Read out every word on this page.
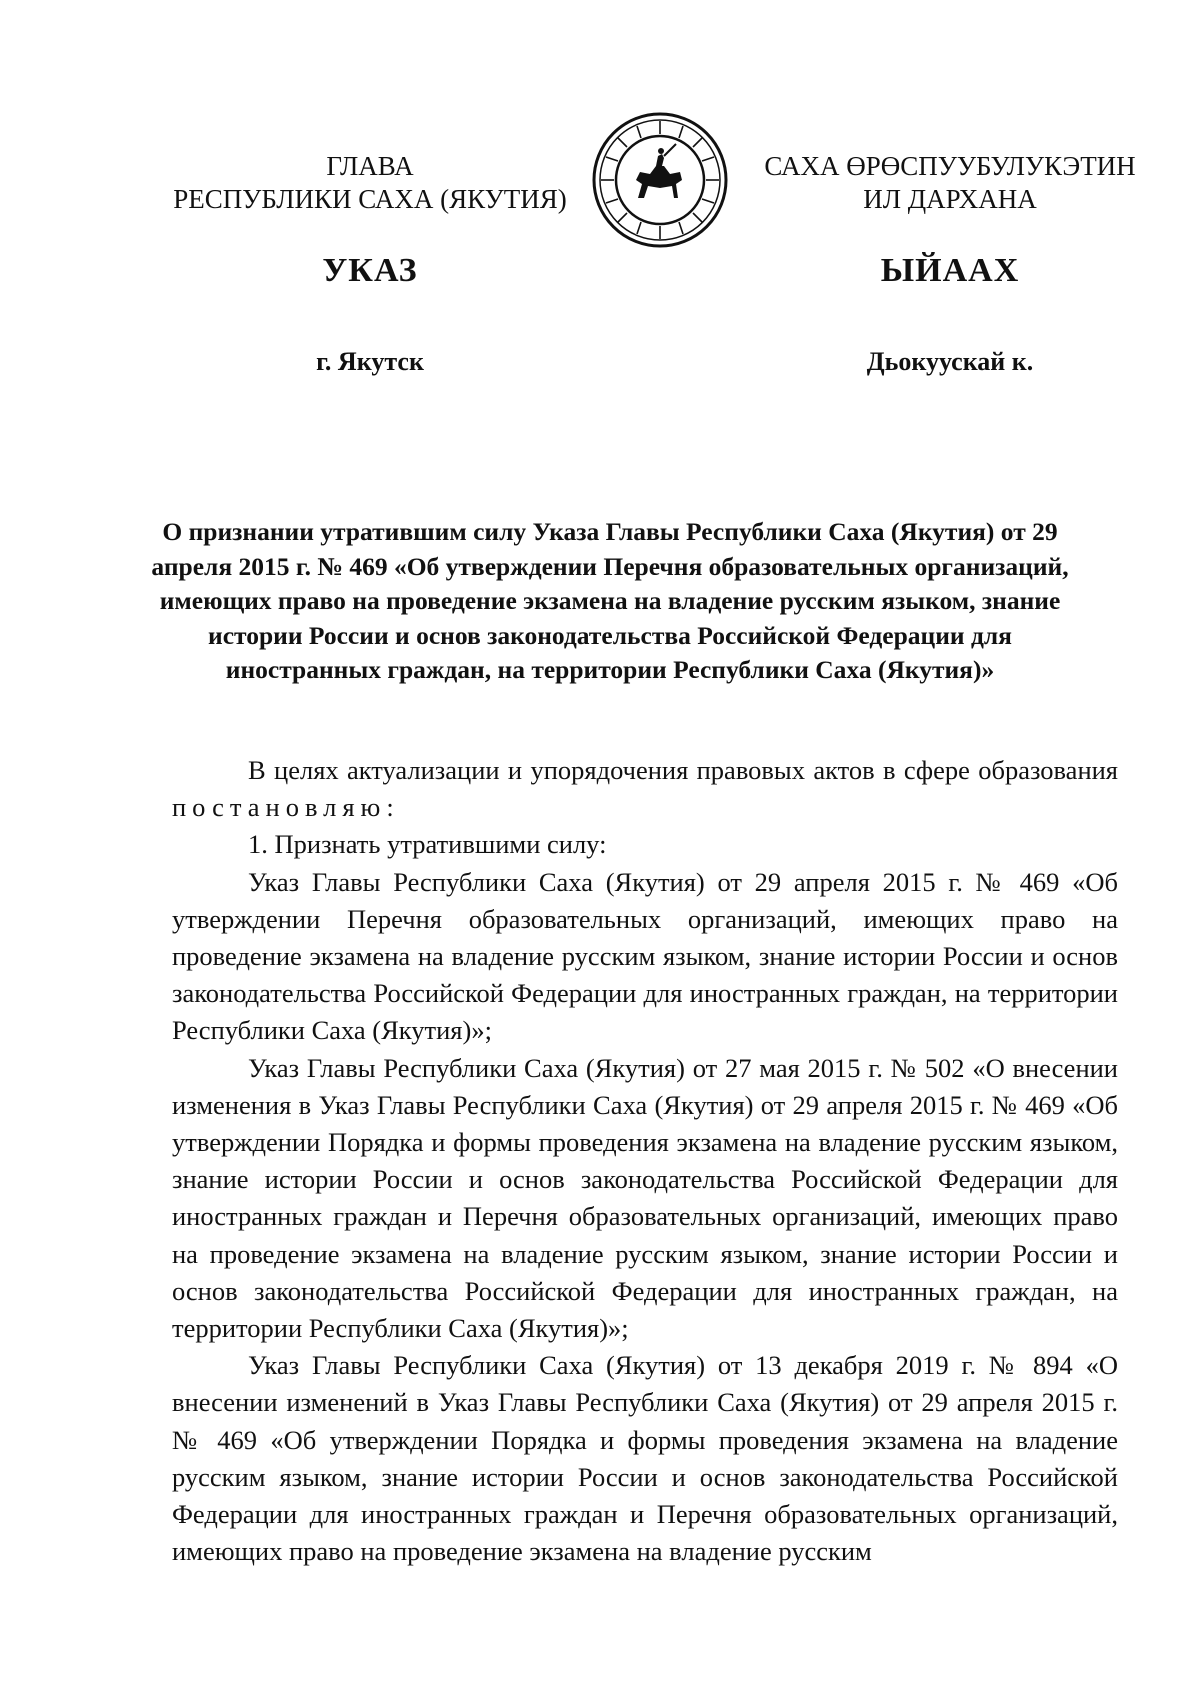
ГЛАВА
РЕСПУБЛИКИ САХА (ЯКУТИЯ)
САХА ӨРӨСПУУБУЛУКЭТИН
ИЛ ДАРХАНА
УКАЗ	ЫЙААХ
г. Якутск	Дьокуускай к.
О признании утратившим силу Указа Главы Республики Саха (Якутия) от 29 апреля 2015 г. № 469 «Об утверждении Перечня образовательных организаций, имеющих право на проведение экзамена на владение русским языком, знание истории России и основ законодательства Российской Федерации для иностранных граждан, на территории Республики Саха (Якутия)»

В целях актуализации и упорядочения правовых актов в сфере образования постановляю:

1. Признать утратившими силу:

Указ Главы Республики Саха (Якутия) от 29 апреля 2015 г. № 469 «Об утверждении Перечня образовательных организаций, имеющих право на проведение экзамена на владение русским языком, знание истории России и основ законодательства Российской Федерации для иностранных граждан, на территории Республики Саха (Якутия)»;

Указ Главы Республики Саха (Якутия) от 27 мая 2015 г. № 502 «О внесении изменения в Указ Главы Республики Саха (Якутия) от 29 апреля 2015 г. № 469 «Об утверждении Порядка и формы проведения экзамена на владение русским языком, знание истории России и основ законодательства Российской Федерации для иностранных граждан и Перечня образовательных организаций, имеющих право на проведение экзамена на владение русским языком, знание истории России и основ законодательства Российской Федерации для иностранных граждан, на территории Республики Саха (Якутия)»;

Указ Главы Республики Саха (Якутия) от 13 декабря 2019 г. № 894 «О внесении изменений в Указ Главы Республики Саха (Якутия) от 29 апреля 2015 г. № 469 «Об утверждении Порядка и формы проведения экзамена на владение русским языком, знание истории России и основ законодательства Российской Федерации для иностранных граждан и Перечня образовательных организаций, имеющих право на проведение экзамена на владение русским
